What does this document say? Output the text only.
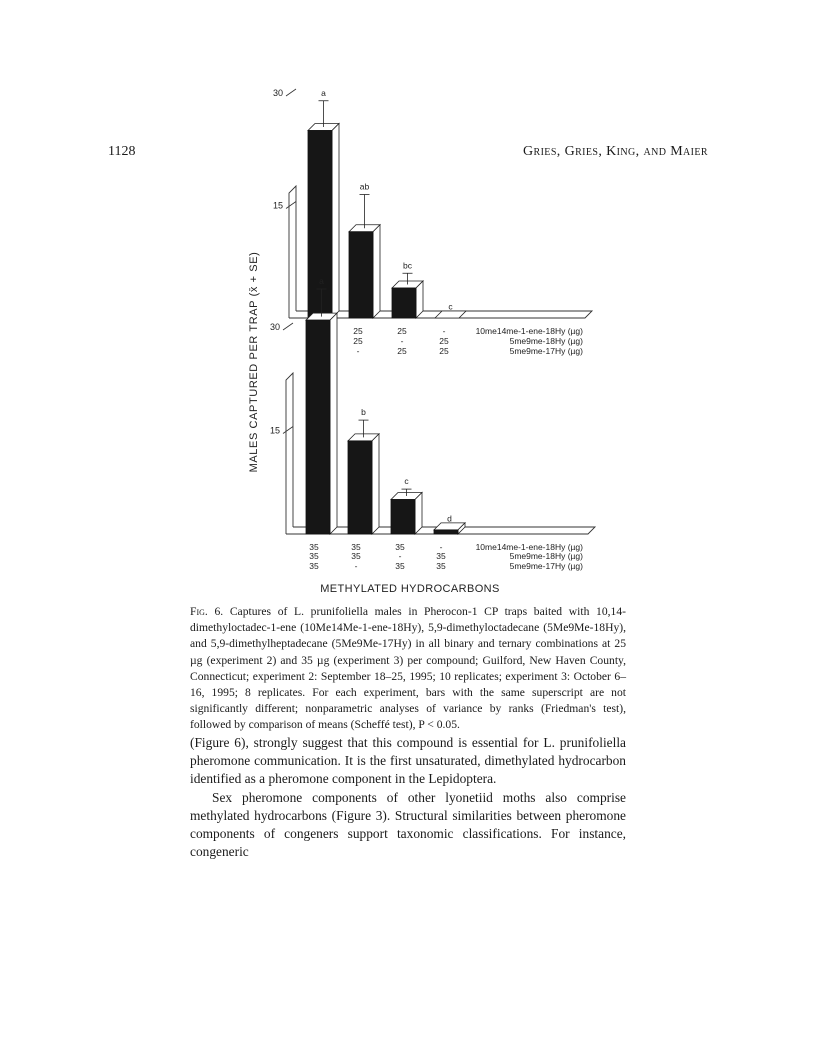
1128	Gries, Gries, King, and Maier
15
30	a
ab
bc
c
25	25	-	10me14me-1-ene-18Hy (µg)
25	-	25	5me9me-18Hy (µg)
-	25	25	5me9me-17Hy (µg)
MALES CAPTURED PER TRAP (x̄ + SE) 15
30
a
b
c
d
35	35	35	-	10me14me-1-ene-18Hy (µg)
35	35	-	35	5me9me-18Hy (µg)
35	-	35	35	5me9me-17Hy (µg)
METHYLATED HYDROCARBONS

Fig. 6. Captures of L. prunifoliella males in Pherocon-1 CP traps baited with 10,14-dimethyloctadec-1-ene (10Me14Me-1-ene-18Hy), 5,9-dimethyloctadecane (5Me9Me-18Hy), and 5,9-dimethylheptadecane (5Me9Me-17Hy) in all binary and ternary combinations at 25 µg (experiment 2) and 35 µg (experiment 3) per compound; Guilford, New Haven County, Connecticut; experiment 2: September 18–25, 1995; 10 replicates; experiment 3: October 6–16, 1995; 8 replicates. For each experiment, bars with the same superscript are not significantly different; nonparametric analyses of variance by ranks (Friedman's test), followed by comparison of means (Scheffé test), P < 0.05.

(Figure 6), strongly suggest that this compound is essential for L. prunifoliella pheromone communication. It is the first unsaturated, dimethylated hydrocarbon identified as a pheromone component in the Lepidoptera.

Sex pheromone components of other lyonetiid moths also comprise methylated hydrocarbons (Figure 3). Structural similarities between pheromone components of congeners support taxonomic classifications. For instance, congeneric
